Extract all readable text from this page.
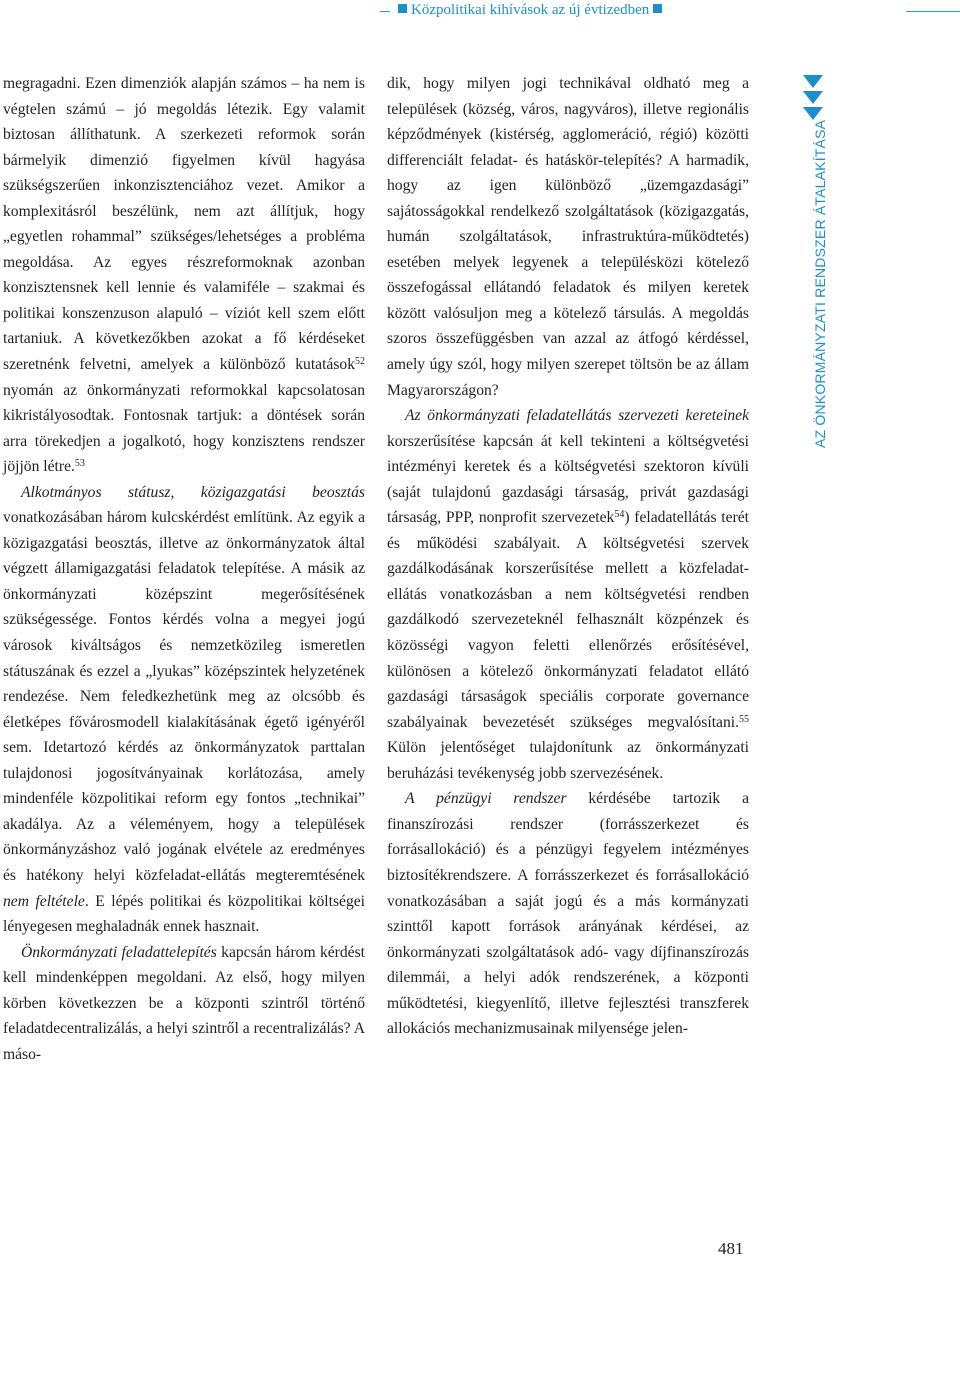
Közpolitikai kihívások az új évtizedben

megragadni. Ezen dimenziók alapján számos – ha nem is végtelen számú – jó megoldás létezik. Egy valamit biztosan állíthatunk. A szerkezeti reformok során bármelyik dimenzió figyelmen kívül hagyása szükségszerűen inkonzisztenciához vezet. Amikor a komplexitásról beszélünk, nem azt állítjuk, hogy „egyetlen rohammal” szükséges/lehetséges a probléma megoldása. Az egyes részreformoknak azonban konzisztensnek kell lennie és valamiféle – szakmai és politikai konszenzuson alapuló – víziót kell szem előtt tartaniuk. A következőkben azokat a fő kérdéseket szeretnénk felvetni, amelyek a különböző kutatások$^{52}$ nyomán az önkormányzati reformokkal kapcsolatosan kikristályosodtak. Fontosnak tartjuk: a döntések során arra törekedjen a jogalkotó, hogy konzisztens rendszer jöjjön létre.$^{53}$

Alkotmányos státusz, közigazgatási beosztás vonatkozásában három kulcskérdést említünk. Az egyik a közigazgatási beosztás, illetve az önkormányzatok által végzett államigazgatási feladatok telepítése. A másik az önkormányzati középszint megerősítésének szükségessége. Fontos kérdés volna a megyei jogú városok kiváltságos és nemzetközileg ismeretlen státuszának és ezzel a „lyukas” középszintek helyzetének rendezése. Nem feledkezhetünk meg az olcsóbb és életképes fővárosmodell kialakításának égető igényéről sem. Idetartozó kérdés az önkormányzatok parttalan tulajdonosi jogosítványainak korlátozása, amely mindenféle közpolitikai reform egy fontos „technikai” akadálya. Az a véleményem, hogy a települések önkormányzáshoz való jogának elvétele az eredményes és hatékony helyi közfeladat-ellátás megteremtésének nem feltétele. E lépés politikai és közpolitikai költségei lényegesen meghaladnák ennek hasznait.

Önkormányzati feladattelepítés kapcsán három kérdést kell mindenképpen megoldani. Az első, hogy milyen körben következzen be a központi szintről történő feladatdecentralizálás, a helyi szintről a recentralizálás? A máso-

dik, hogy milyen jogi technikával oldható meg a települések (község, város, nagyváros), illetve regionális képződmények (kistérség, agglomeráció, régió) közötti differenciált feladat- és hatáskör-telepítés? A harmadik, hogy az igen különböző „üzemgazdasági” sajátosságokkal rendelkező szolgáltatások (közigazgatás, humán szolgáltatások, infrastruktúra-működtetés) esetében melyek legyenek a településközi kötelező összefogással ellátandó feladatok és milyen keretek között valósuljon meg a kötelező társulás. A megoldás szoros összefüggésben van azzal az átfogó kérdéssel, amely úgy szól, hogy milyen szerepet töltsön be az állam Magyarországon?

Az önkormányzati feladatellátás szervezeti kereteinek korszerűsítése kapcsán át kell tekinteni a költségvetési intézményi keretek és a költségvetési szektoron kívüli (saját tulajdonú gazdasági társaság, privát gazdasági társaság, PPP, nonprofit szervezetek$^{54}$) feladatellátás terét és működési szabályait. A költségvetési szervek gazdálkodásának korszerűsítése mellett a közfeladat-ellátás vonatkozásban a nem költségvetési rendben gazdálkodó szervezeteknél felhasznált közpénzek és közösségi vagyon feletti ellenőrzés erősítésével, különösen a kötelező önkormányzati feladatot ellátó gazdasági társaságok speciális corporate governance szabályainak bevezetését szükséges megvalósítani.$^{55}$ Külön jelentőséget tulajdonítunk az önkormányzati beruházási tevékenység jobb szervezésének.

A pénzügyi rendszer kérdésébe tartozik a finanszírozási rendszer (forrásszerkezet és forrásallokáció) és a pénzügyi fegyelem intézményes biztosítékrendszere. A forrásszerkezet és forrásallokáció vonatkozásában a saját jogú és a más kormányzati szinttől kapott források arányának kérdései, az önkormányzati szolgáltatások adó- vagy díjfinanszírozás dilemmái, a helyi adók rendszerének, a központi működtetési, kiegyenlítő, illetve fejlesztési transzferek allokációs mechanizmusainak milyensége jelen-

AZ ÖNKORMÁNYZATI RENDSZER ÁTALAKÍTÁSA
481
